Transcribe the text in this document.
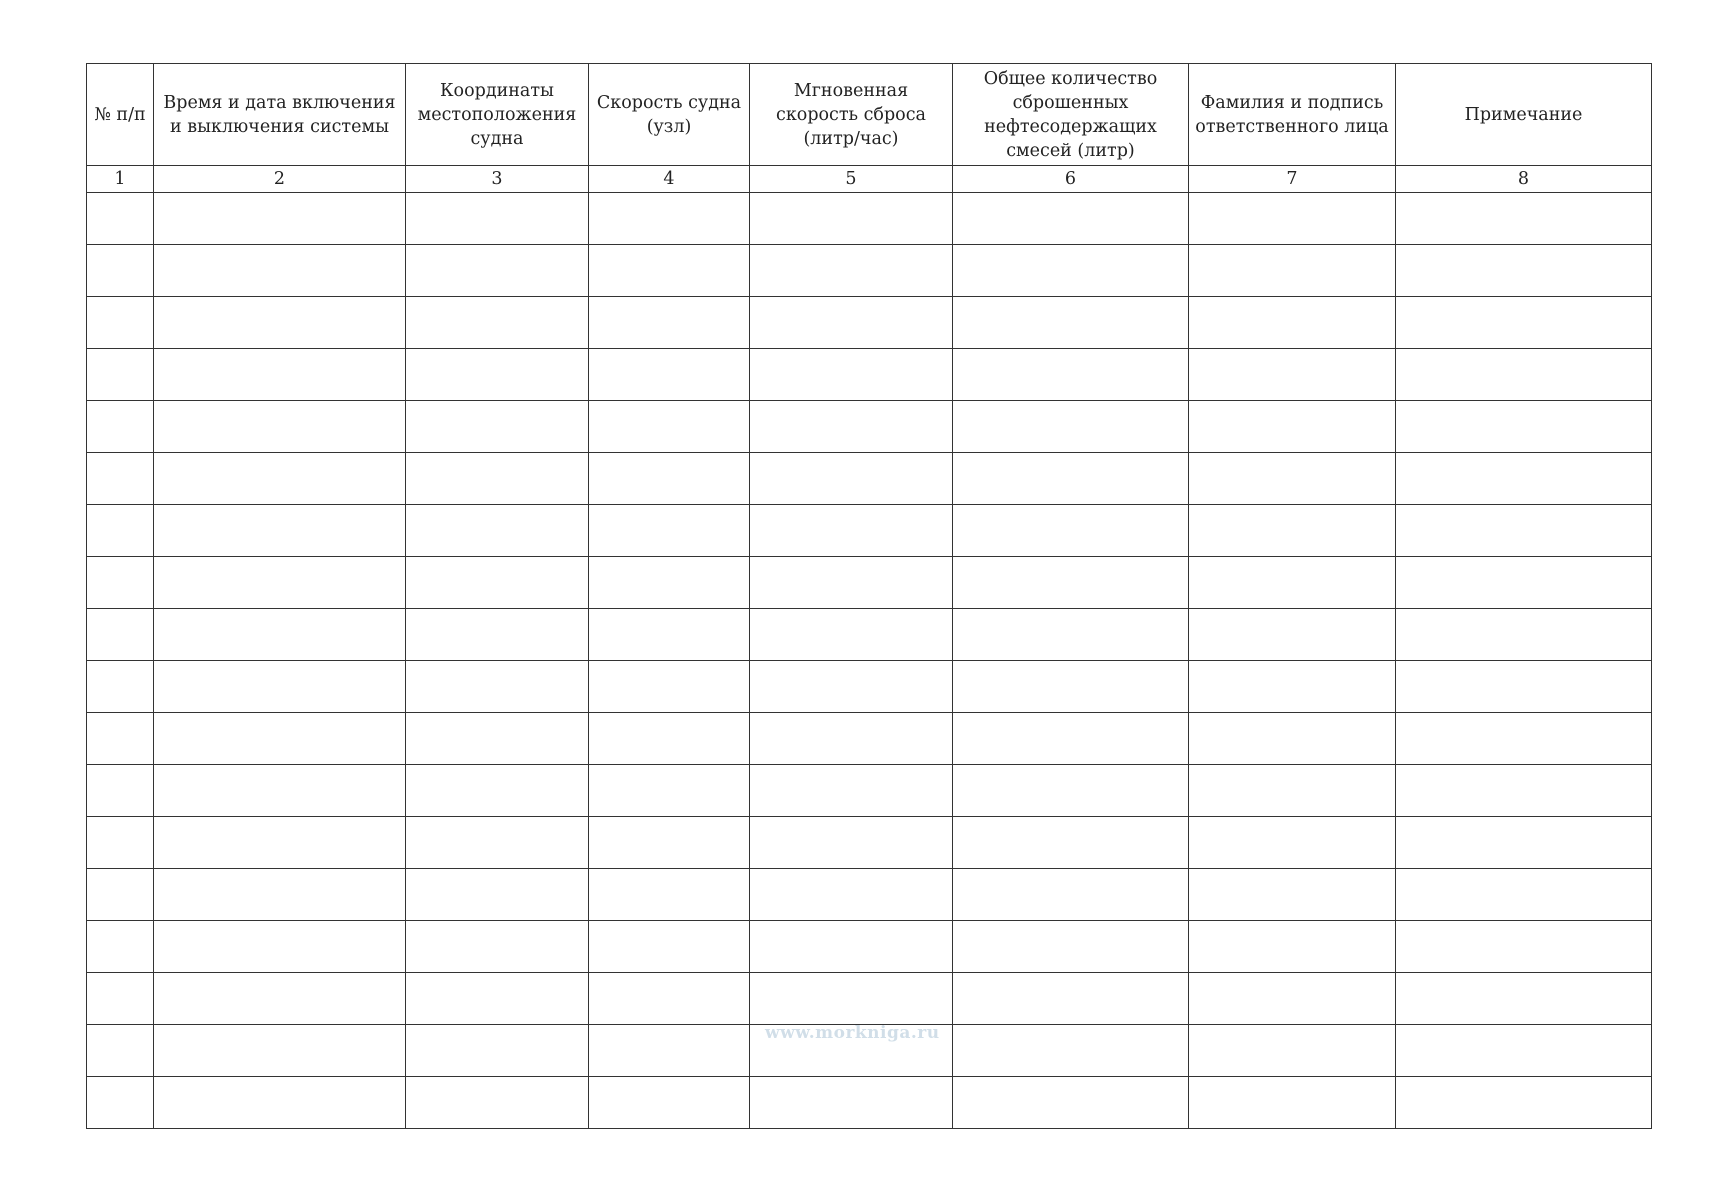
№ п/п	Время и дата включения и выключения системы	Координаты местоположения судна	Скорость судна (узл)	Мгновенная скорость сброса (литр/час)	Общее количество сброшенных нефтесодержащих смесей (литр)	Фамилия и подпись ответственного лица	Примечание
1	2	3	4	5	6	7	8

www.morkniga.ru
